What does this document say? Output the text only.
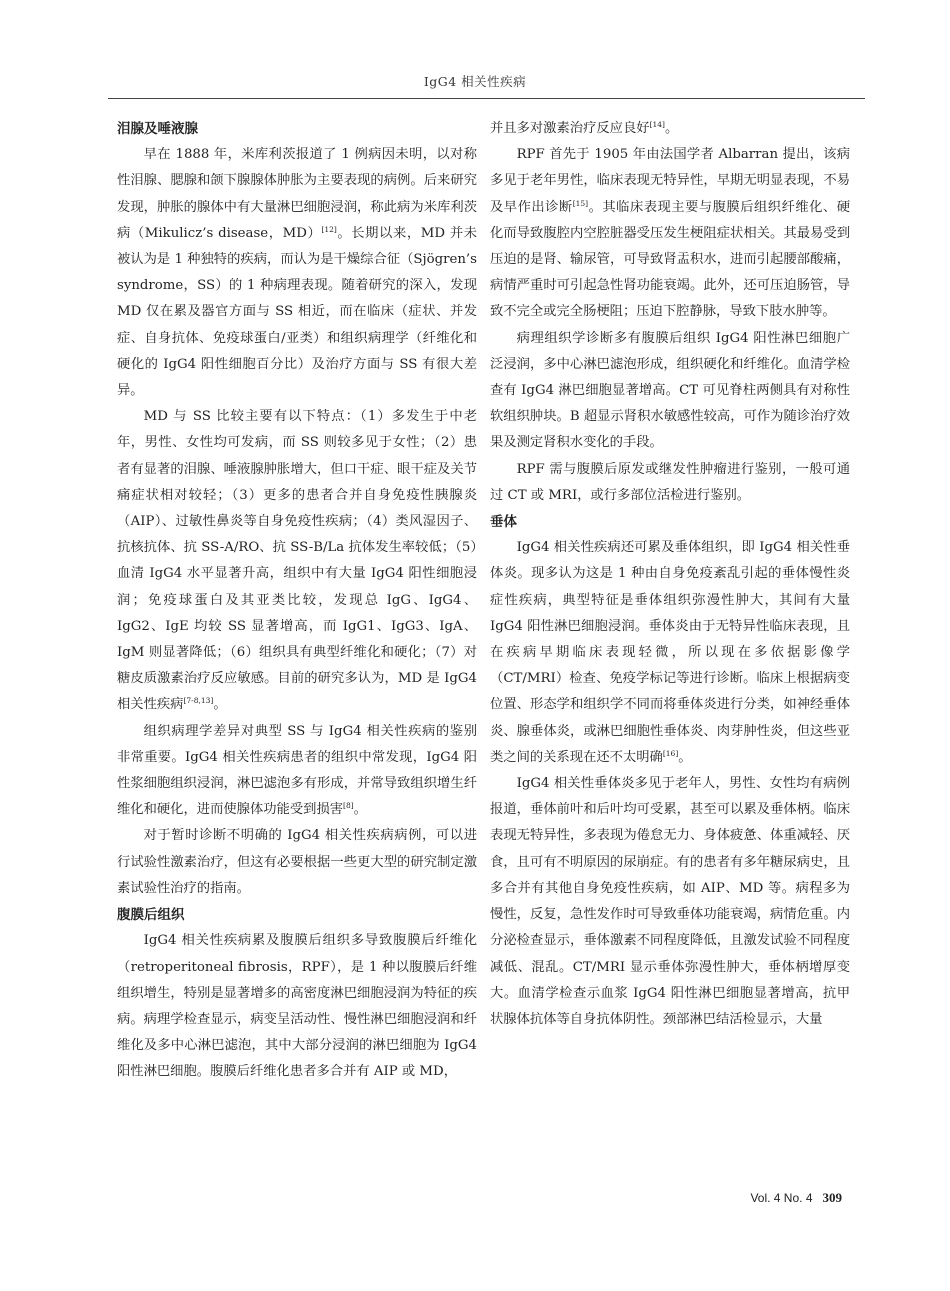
IgG4 相关性疾病
泪腺及唾液腺

早在 1888 年，米库利茨报道了 1 例病因未明，以对称性泪腺、腮腺和颌下腺腺体肿胀为主要表现的病例。后来研究发现，肿胀的腺体中有大量淋巴细胞浸润，称此病为米库利茨病（Mikulicz’s disease，MD）[12]。长期以来，MD 并未被认为是 1 种独特的疾病，而认为是干燥综合征（Sjögren’s syndrome，SS）的 1 种病理表现。随着研究的深入，发现 MD 仅在累及器官方面与 SS 相近，而在临床（症状、并发症、自身抗体、免疫球蛋白/亚类）和组织病理学（纤维化和硬化的 IgG4 阳性细胞百分比）及治疗方面与 SS 有很大差异。

MD 与 SS 比较主要有以下特点：（1）多发生于中老年，男性、女性均可发病，而 SS 则较多见于女性；（2）患者有显著的泪腺、唾液腺肿胀增大，但口干症、眼干症及关节痛症状相对较轻；（3）更多的患者合并自身免疫性胰腺炎（AIP）、过敏性鼻炎等自身免疫性疾病；（4）类风湿因子、抗核抗体、抗 SS-A/RO、抗 SS-B/La 抗体发生率较低；（5）血清 IgG4 水平显著升高，组织中有大量 IgG4 阳性细胞浸润；免疫球蛋白及其亚类比较，发现总 IgG、IgG4、IgG2、IgE 均较 SS 显著增高，而 IgG1、IgG3、IgA、IgM 则显著降低；（6）组织具有典型纤维化和硬化；（7）对糖皮质激素治疗反应敏感。目前的研究多认为，MD 是 IgG4 相关性疾病[7-8,13]。

组织病理学差异对典型 SS 与 IgG4 相关性疾病的鉴别非常重要。IgG4 相关性疾病患者的组织中常发现，IgG4 阳性浆细胞组织浸润，淋巴滤泡多有形成，并常导致组织增生纤维化和硬化，进而使腺体功能受到损害[8]。

对于暂时诊断不明确的 IgG4 相关性疾病病例，可以进行试验性激素治疗，但这有必要根据一些更大型的研究制定激素试验性治疗的指南。

腹膜后组织

IgG4 相关性疾病累及腹膜后组织多导致腹膜后纤维化（retroperitoneal fibrosis，RPF），是 1 种以腹膜后纤维组织增生，特别是显著增多的高密度淋巴细胞浸润为特征的疾病。病理学检查显示，病变呈活动性、慢性淋巴细胞浸润和纤维化及多中心淋巴滤泡，其中大部分浸润的淋巴细胞为 IgG4 阳性淋巴细胞。腹膜后纤维化患者多合并有 AIP 或 MD，

并且多对激素治疗反应良好[14]。

RPF 首先于 1905 年由法国学者 Albarran 提出，该病多见于老年男性，临床表现无特异性，早期无明显表现，不易及早作出诊断[15]。其临床表现主要与腹膜后组织纤维化、硬化而导致腹腔内空腔脏器受压发生梗阻症状相关。其最易受到压迫的是肾、输尿管，可导致肾盂积水，进而引起腰部酸痛，病情严重时可引起急性肾功能衰竭。此外，还可压迫肠管，导致不完全或完全肠梗阻；压迫下腔静脉，导致下肢水肿等。

病理组织学诊断多有腹膜后组织 IgG4 阳性淋巴细胞广泛浸润，多中心淋巴滤泡形成，组织硬化和纤维化。血清学检查有 IgG4 淋巴细胞显著增高。CT 可见脊柱两侧具有对称性软组织肿块。B 超显示肾积水敏感性较高，可作为随诊治疗效果及测定肾积水变化的手段。

RPF 需与腹膜后原发或继发性肿瘤进行鉴别，一般可通过 CT 或 MRI，或行多部位活检进行鉴别。

垂体

IgG4 相关性疾病还可累及垂体组织，即 IgG4 相关性垂体炎。现多认为这是 1 种由自身免疫紊乱引起的垂体慢性炎症性疾病，典型特征是垂体组织弥漫性肿大，其间有大量 IgG4 阳性淋巴细胞浸润。垂体炎由于无特异性临床表现，且在疾病早期临床表现轻微，所以现在多依据影像学（CT/MRI）检查、免疫学标记等进行诊断。临床上根据病变位置、形态学和组织学不同而将垂体炎进行分类，如神经垂体炎、腺垂体炎，或淋巴细胞性垂体炎、肉芽肿性炎，但这些亚类之间的关系现在还不太明确[16]。

IgG4 相关性垂体炎多见于老年人，男性、女性均有病例报道，垂体前叶和后叶均可受累，甚至可以累及垂体柄。临床表现无特异性，多表现为倦怠无力、身体疲惫、体重减轻、厌食，且可有不明原因的尿崩症。有的患者有多年糖尿病史，且多合并有其他自身免疫性疾病，如 AIP、MD 等。病程多为慢性，反复，急性发作时可导致垂体功能衰竭，病情危重。内分泌检查显示，垂体激素不同程度降低，且激发试验不同程度减低、混乱。CT/MRI 显示垂体弥漫性肿大，垂体柄增厚变大。血清学检查示血浆 IgG4 阳性淋巴细胞显著增高，抗甲状腺体抗体等自身抗体阴性。颈部淋巴结活检显示，大量

Vol. 4 No. 4 309
